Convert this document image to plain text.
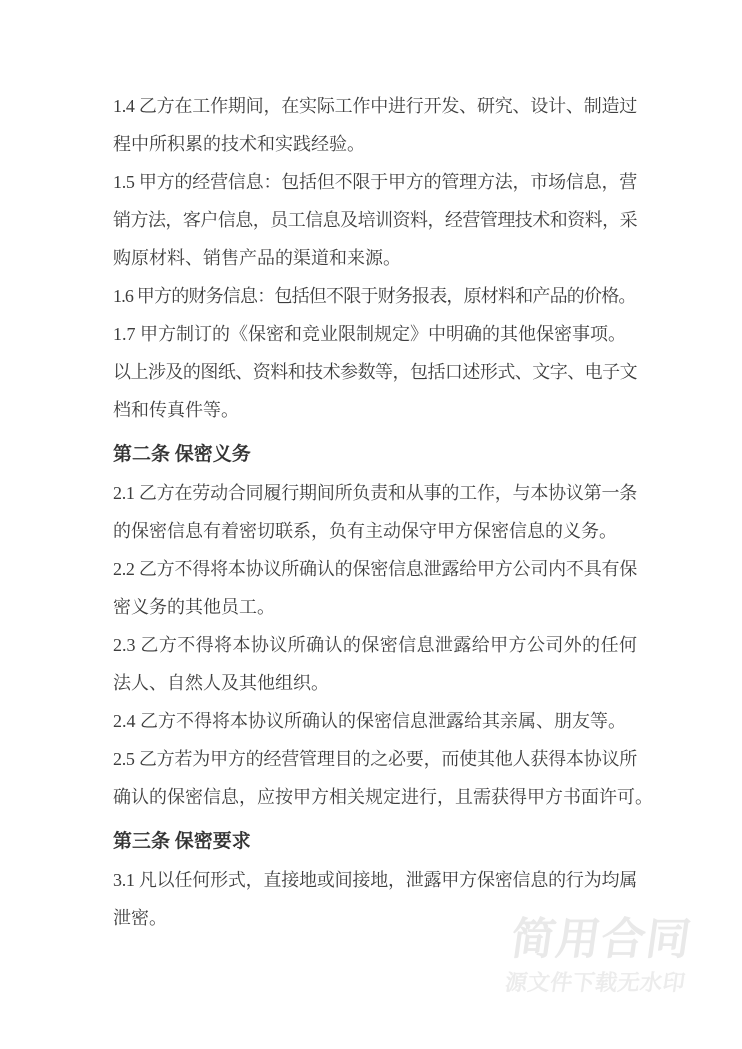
1.4 乙方在工作期间，在实际工作中进行开发、研究、设计、制造过
程中所积累的技术和实践经验。
1.5 甲方的经营信息：包括但不限于甲方的管理方法，市场信息，营
销方法，客户信息，员工信息及培训资料，经营管理技术和资料，采
购原材料、销售产品的渠道和来源。
1.6 甲方的财务信息：包括但不限于财务报表，原材料和产品的价格。
1.7 甲方制订的《保密和竞业限制规定》中明确的其他保密事项。
以上涉及的图纸、资料和技术参数等，包括口述形式、文字、电子文
档和传真件等。
第二条 保密义务
2.1 乙方在劳动合同履行期间所负责和从事的工作，与本协议第一条
的保密信息有着密切联系，负有主动保守甲方保密信息的义务。
2.2 乙方不得将本协议所确认的保密信息泄露给甲方公司内不具有保
密义务的其他员工。
2.3 乙方不得将本协议所确认的保密信息泄露给甲方公司外的任何
法人、自然人及其他组织。
2.4 乙方不得将本协议所确认的保密信息泄露给其亲属、朋友等。
2.5 乙方若为甲方的经营管理目的之必要，而使其他人获得本协议所
确认的保密信息，应按甲方相关规定进行，且需获得甲方书面许可。
第三条 保密要求
3.1 凡以任何形式，直接地或间接地，泄露甲方保密信息的行为均属
泄密。	简用合同
源文件下载无水印
